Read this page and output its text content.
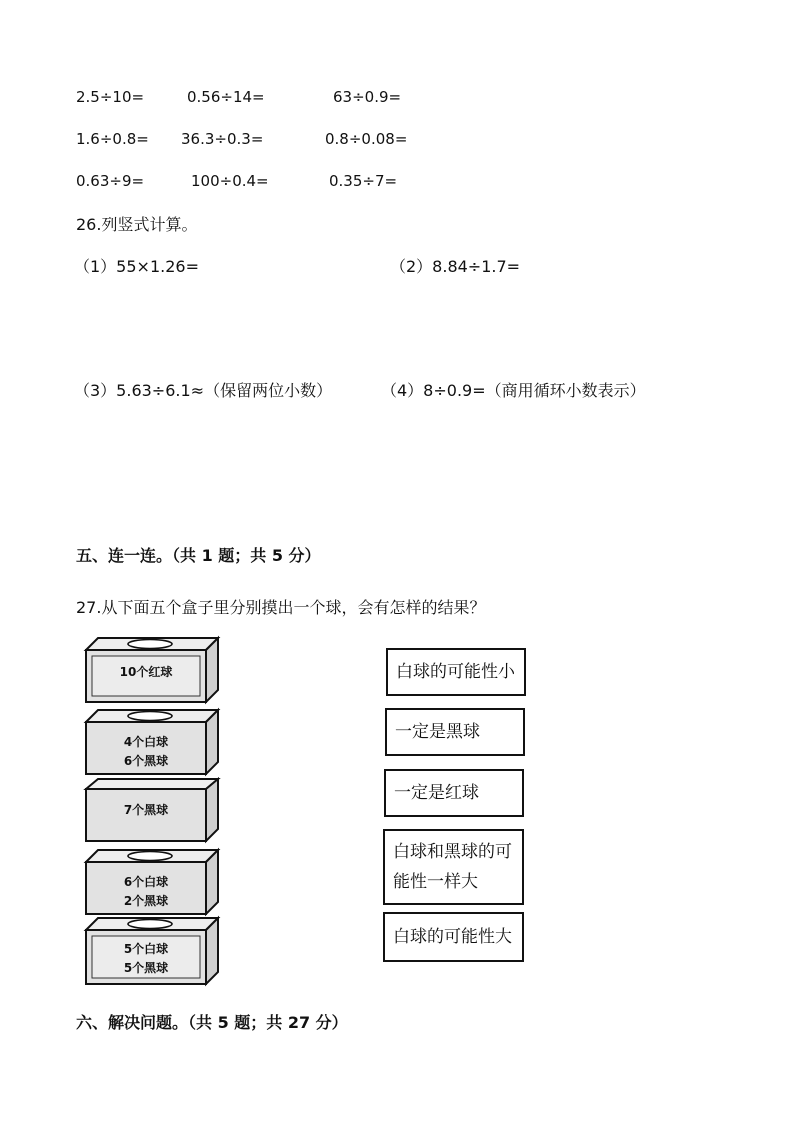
2.5÷10=	0.56÷14=	63÷0.9=
1.6÷0.8= 36.3÷0.3=	0.8÷0.08=
0.63÷9=	100÷0.4=	0.35÷7=
26.列竖式计算。
（1）55×1.26=	（2）8.84÷1.7=
（3）5.63÷6.1≈（保留两位小数）	（4）8÷0.9=（商用循环小数表示）
五、连一连。（共 1 题；共 5 分）
27.从下面五个盒子里分别摸出一个球，会有怎样的结果？
10个红球
4个白球
6个黑球
7个黑球
6个白球
2个黑球
5个白球
5个黑球
白球的可能性小
一定是黑球
一定是红球
白球和黑球的可
能性一样大
白球的可能性大
六、解决问题。（共 5 题；共 27 分）
